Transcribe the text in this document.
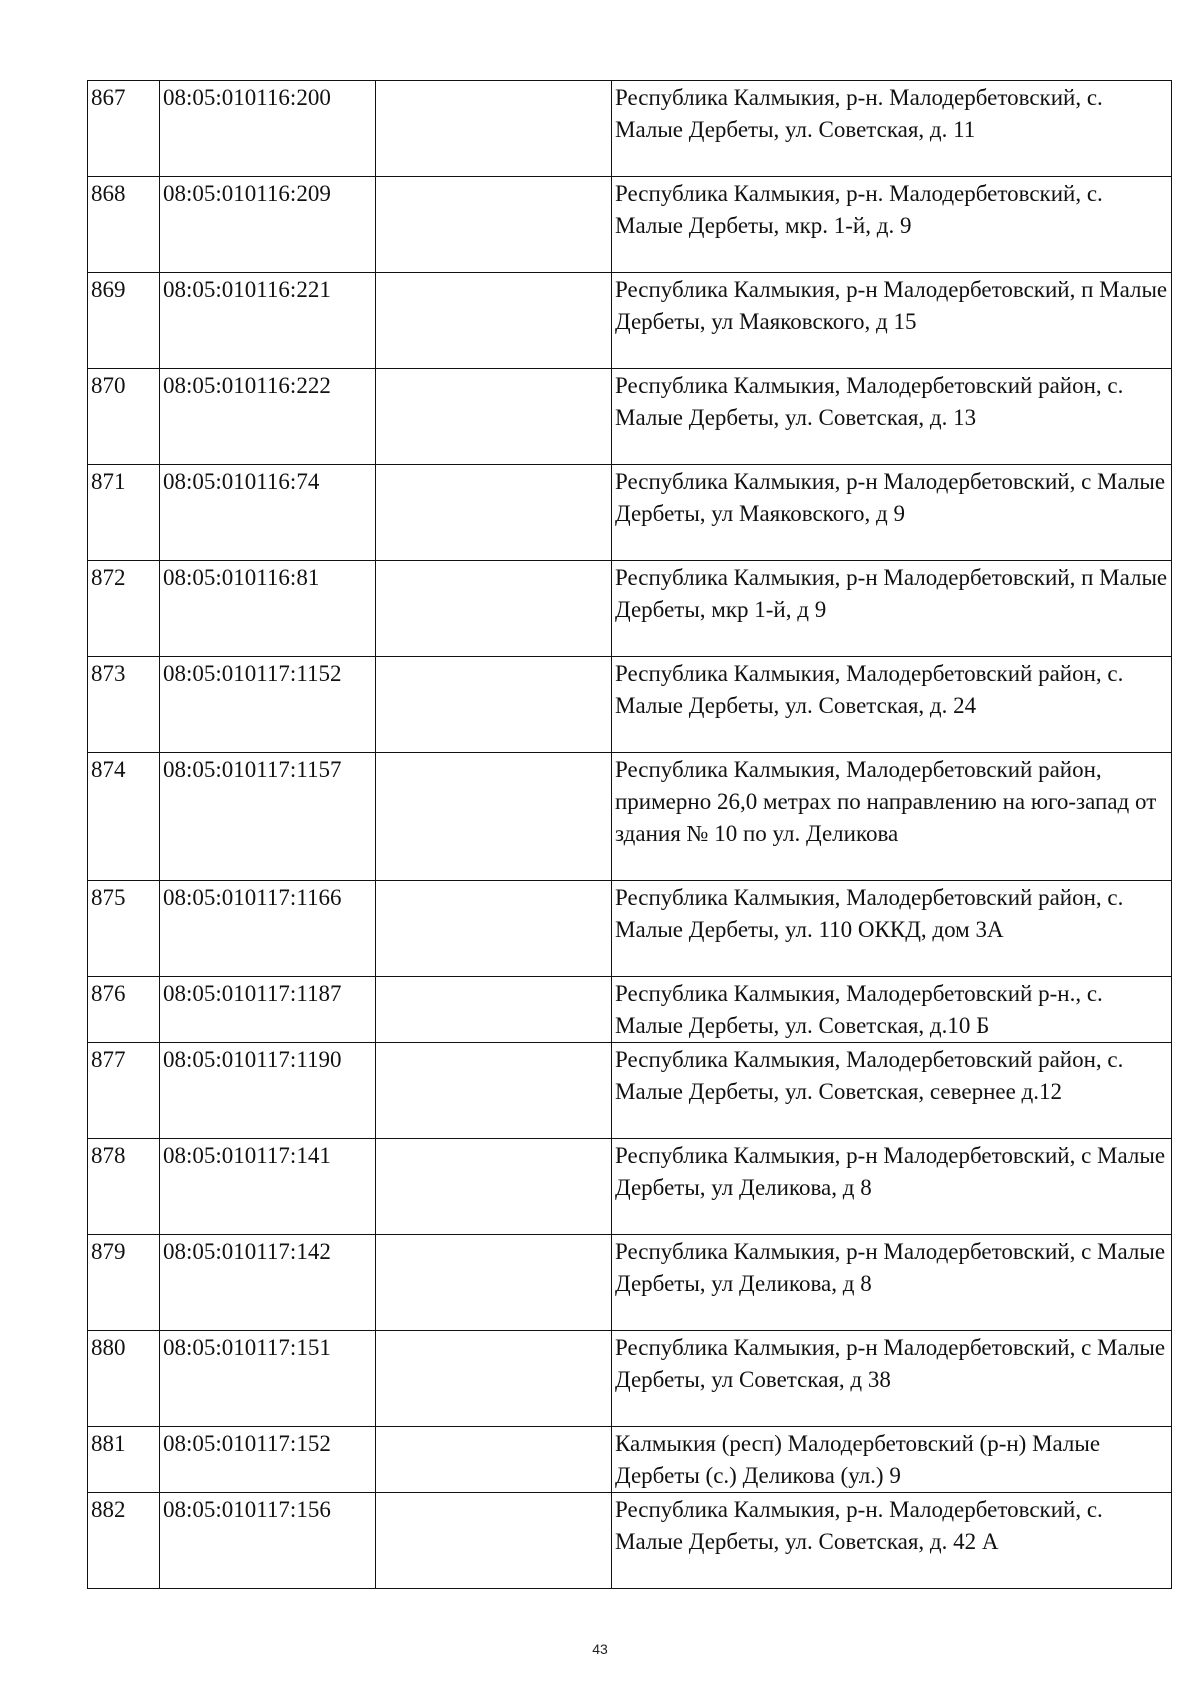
867	08:05:010116:200		Республика Калмыкия, р-н. Малодербетовский, с. Малые Дербеты, ул. Советская, д. 11
868	08:05:010116:209		Республика Калмыкия, р-н. Малодербетовский, с. Малые Дербеты, мкр. 1-й, д. 9
869	08:05:010116:221		Республика Калмыкия, р-н Малодербетовский, п Малые Дербеты, ул Маяковского, д 15
870	08:05:010116:222		Республика Калмыкия, Малодербетовский район, с. Малые Дербеты, ул. Советская, д. 13
871	08:05:010116:74		Республика Калмыкия, р-н Малодербетовский, с Малые Дербеты, ул Маяковского, д 9
872	08:05:010116:81		Республика Калмыкия, р-н Малодербетовский, п Малые Дербеты, мкр 1-й, д 9
873	08:05:010117:1152		Республика Калмыкия, Малодербетовский район, с. Малые Дербеты, ул. Советская, д. 24
874	08:05:010117:1157		Республика Калмыкия, Малодербетовский район, примерно 26,0 метрах по направлению на юго-запад от здания № 10 по ул. Деликова
875	08:05:010117:1166		Республика Калмыкия, Малодербетовский район, с. Малые Дербеты, ул. 110 ОККД, дом 3А
876	08:05:010117:1187		Республика Калмыкия, Малодербетовский р-н., с. Малые Дербеты, ул. Советская, д.10 Б
877	08:05:010117:1190		Республика Калмыкия, Малодербетовский район, с. Малые Дербеты, ул. Советская, севернее д.12
878	08:05:010117:141		Республика Калмыкия, р-н Малодербетовский, с Малые Дербеты, ул Деликова, д 8
879	08:05:010117:142		Республика Калмыкия, р-н Малодербетовский, с Малые Дербеты, ул Деликова, д 8
880	08:05:010117:151		Республика Калмыкия, р-н Малодербетовский, с Малые Дербеты, ул Советская, д 38
881	08:05:010117:152		Калмыкия (респ) Малодербетовский (р-н) Малые Дербеты (с.) Деликова (ул.) 9
882	08:05:010117:156		Республика Калмыкия, р-н. Малодербетовский, с. Малые Дербеты, ул. Советская, д. 42 А
43
